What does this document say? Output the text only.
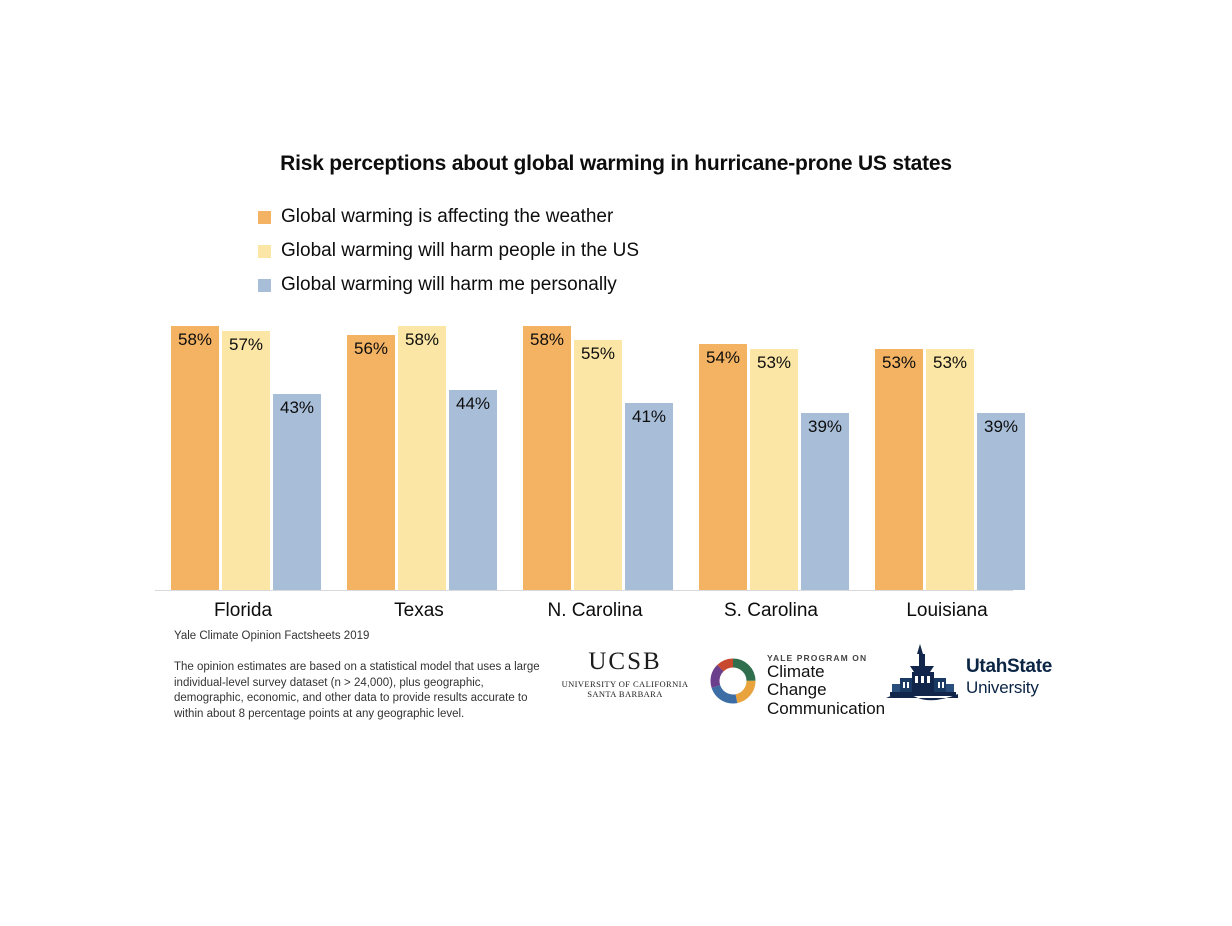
Risk perceptions about global warming in hurricane-prone US states
Global warming is affecting the weather
Global warming will harm people in the US
Global warming will harm me personally
58% 57%
43%
56% 58%
44%
58%
55%
41%
54% 53%
39%
53% 53%
39%
Florida	Texas	N. Carolina	S. Carolina	Louisiana
Yale Climate Opinion Factsheets 2019
The opinion estimates are based on a statistical model that uses a large individual-level survey dataset (n > 24,000), plus geographic, demographic, economic, and other data to provide results accurate to within about 8 percentage points at any geographic level.
UCSB
UNIVERSITY OF CALIFORNIA
SANTA BARBARA
YALE PROGRAM ON
Climate Change
Communication
UtahState
University
